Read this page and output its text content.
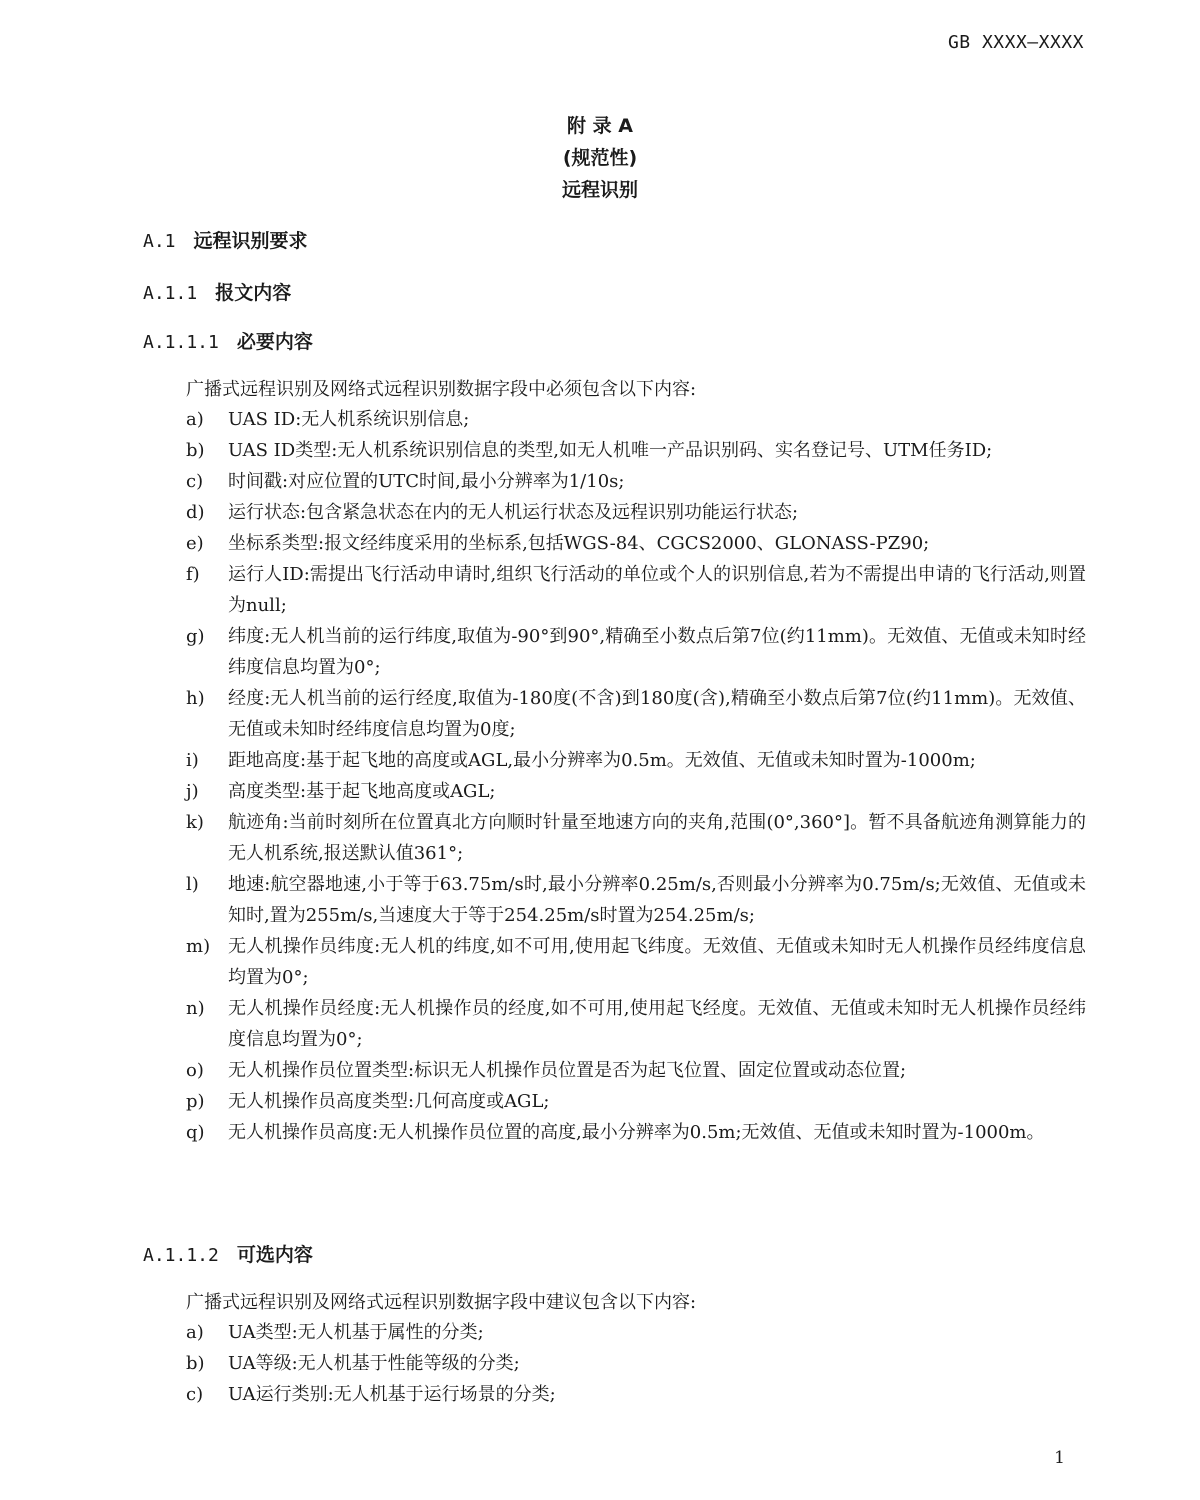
GB XXXX—XXXX
附 录 A
(规范性)
远程识别
A.1 远程识别要求
A.1.1 报文内容
A.1.1.1 必要内容
广播式远程识别及网络式远程识别数据字段中必须包含以下内容:
a) UAS ID:无人机系统识别信息;
b) UAS ID类型:无人机系统识别信息的类型,如无人机唯一产品识别码、实名登记号、UTM任务ID;
c) 时间戳:对应位置的UTC时间,最小分辨率为1/10s;
d) 运行状态:包含紧急状态在内的无人机运行状态及远程识别功能运行状态;
e) 坐标系类型:报文经纬度采用的坐标系,包括WGS-84、CGCS2000、GLONASS-PZ90;
f) 运行人ID:需提出飞行活动申请时,组织飞行活动的单位或个人的识别信息,若为不需提出申请的飞行活动,则置为null;
g) 纬度:无人机当前的运行纬度,取值为-90°到90°,精确至小数点后第7位(约11mm)。无效值、无值或未知时经纬度信息均置为0°;
h) 经度:无人机当前的运行经度,取值为-180度(不含)到180度(含),精确至小数点后第7位(约11mm)。无效值、无值或未知时经纬度信息均置为0度;
i) 距地高度:基于起飞地的高度或AGL,最小分辨率为0.5m。无效值、无值或未知时置为-1000m;
j) 高度类型:基于起飞地高度或AGL;
k) 航迹角:当前时刻所在位置真北方向顺时针量至地速方向的夹角,范围(0°,360°]。暂不具备航迹角测算能力的无人机系统,报送默认值361°;
l) 地速:航空器地速,小于等于63.75m/s时,最小分辨率0.25m/s,否则最小分辨率为0.75m/s;无效值、无值或未知时,置为255m/s,当速度大于等于254.25m/s时置为254.25m/s;
m) 无人机操作员纬度:无人机的纬度,如不可用,使用起飞纬度。无效值、无值或未知时无人机操作员经纬度信息均置为0°;
n) 无人机操作员经度:无人机操作员的经度,如不可用,使用起飞经度。无效值、无值或未知时无人机操作员经纬度信息均置为0°;
o) 无人机操作员位置类型:标识无人机操作员位置是否为起飞位置、固定位置或动态位置;
p) 无人机操作员高度类型:几何高度或AGL;
q) 无人机操作员高度:无人机操作员位置的高度,最小分辨率为0.5m;无效值、无值或未知时置为-1000m。
A.1.1.2 可选内容
广播式远程识别及网络式远程识别数据字段中建议包含以下内容:
a) UA类型:无人机基于属性的分类;
b) UA等级:无人机基于性能等级的分类;
c) UA运行类别:无人机基于运行场景的分类;
1
